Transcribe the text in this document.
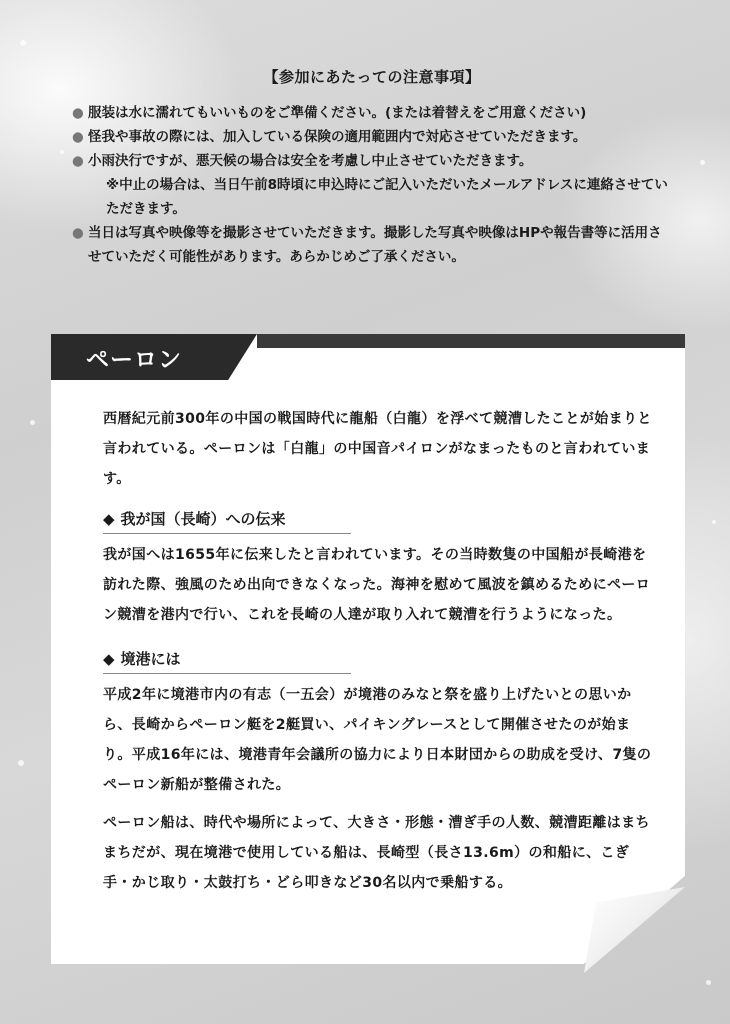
【参加にあたっての注意事項】
● 服装は水に濡れてもいいものをご準備ください。(または着替えをご用意ください)
● 怪我や事故の際には、加入している保険の適用範囲内で対応させていただきます。
● 小雨決行ですが、悪天候の場合は安全を考慮し中止させていただきます。
※中止の場合は、当日午前8時頃に申込時にご記入いただいたメールアドレスに連絡させていただきます。
● 当日は写真や映像等を撮影させていただきます。撮影した写真や映像はHPや報告書等に活用させていただく可能性があります。あらかじめご了承ください。
ペーロン

西暦紀元前300年の中国の戦国時代に龍船（白龍）を浮べて競漕したことが始まりと言われている。ペーロンは「白龍」の中国音パイロンがなまったものと言われています。

◆ 我が国（長崎）への伝来

我が国へは1655年に伝来したと言われています。その当時数隻の中国船が長崎港を訪れた際、強風のため出向できなくなった。海神を慰めて風波を鎮めるためにペーロン競漕を港内で行い、これを長崎の人達が取り入れて競漕を行うようになった。

◆ 境港には

平成2年に境港市内の有志（一五会）が境港のみなと祭を盛り上げたいとの思いから、長崎からペーロン艇を2艇買い、パイキングレースとして開催させたのが始まり。平成16年には、境港青年会議所の協力により日本財団からの助成を受け、7隻のペーロン新船が整備された。

ペーロン船は、時代や場所によって、大きさ・形態・漕ぎ手の人数、競漕距離はまちまちだが、現在境港で使用している船は、長崎型（長さ13.6m）の和船に、こぎ手・かじ取り・太鼓打ち・どら叩きなど30名以内で乗船する。
